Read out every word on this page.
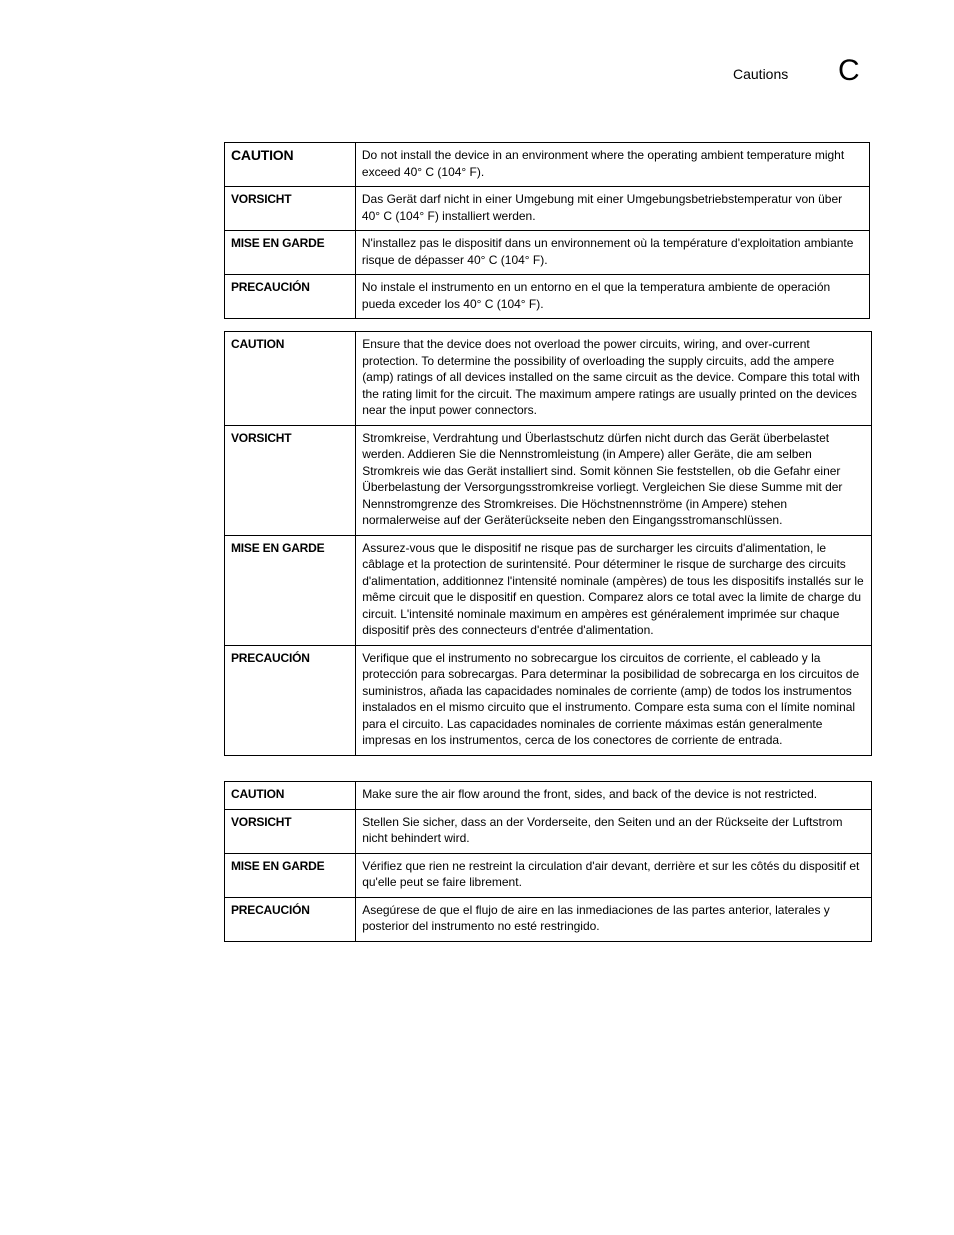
Cautions C
CAUTION	Do not install the device in an environment where the operating ambient temperature might exceed 40° C (104° F).
VORSICHT	Das Gerät darf nicht in einer Umgebung mit einer Umgebungsbetriebstemperatur von über 40° C (104° F) installiert werden.
MISE EN GARDE	N'installez pas le dispositif dans un environnement où la température d'exploitation ambiante risque de dépasser 40° C (104° F).
PRECAUCIÓN	No instale el instrumento en un entorno en el que la temperatura ambiente de operación pueda exceder los 40° C (104° F).
CAUTION	Ensure that the device does not overload the power circuits, wiring, and over-current protection. To determine the possibility of overloading the supply circuits, add the ampere (amp) ratings of all devices installed on the same circuit as the device. Compare this total with the rating limit for the circuit. The maximum ampere ratings are usually printed on the devices near the input power connectors.
VORSICHT	Stromkreise, Verdrahtung und Überlastschutz dürfen nicht durch das Gerät überbelastet werden. Addieren Sie die Nennstromleistung (in Ampere) aller Geräte, die am selben Stromkreis wie das Gerät installiert sind. Somit können Sie feststellen, ob die Gefahr einer Überbelastung der Versorgungsstromkreise vorliegt. Vergleichen Sie diese Summe mit der Nennstromgrenze des Stromkreises. Die Höchstnennströme (in Ampere) stehen normalerweise auf der Geräterückseite neben den Eingangsstromanschlüssen.
MISE EN GARDE	Assurez-vous que le dispositif ne risque pas de surcharger les circuits d'alimentation, le câblage et la protection de surintensité. Pour déterminer le risque de surcharge des circuits d'alimentation, additionnez l'intensité nominale (ampères) de tous les dispositifs installés sur le même circuit que le dispositif en question. Comparez alors ce total avec la limite de charge du circuit. L'intensité nominale maximum en ampères est généralement imprimée sur chaque dispositif près des connecteurs d'entrée d'alimentation.
PRECAUCIÓN	Verifique que el instrumento no sobrecargue los circuitos de corriente, el cableado y la protección para sobrecargas. Para determinar la posibilidad de sobrecarga en los circuitos de suministros, añada las capacidades nominales de corriente (amp) de todos los instrumentos instalados en el mismo circuito que el instrumento. Compare esta suma con el límite nominal para el circuito. Las capacidades nominales de corriente máximas están generalmente impresas en los instrumentos, cerca de los conectores de corriente de entrada.
CAUTION	Make sure the air flow around the front, sides, and back of the device is not restricted.
VORSICHT	Stellen Sie sicher, dass an der Vorderseite, den Seiten und an der Rückseite der Luftstrom nicht behindert wird.
MISE EN GARDE	Vérifiez que rien ne restreint la circulation d'air devant, derrière et sur les côtés du dispositif et qu'elle peut se faire librement.
PRECAUCIÓN	Asegúrese de que el flujo de aire en las inmediaciones de las partes anterior, laterales y posterior del instrumento no esté restringido.
